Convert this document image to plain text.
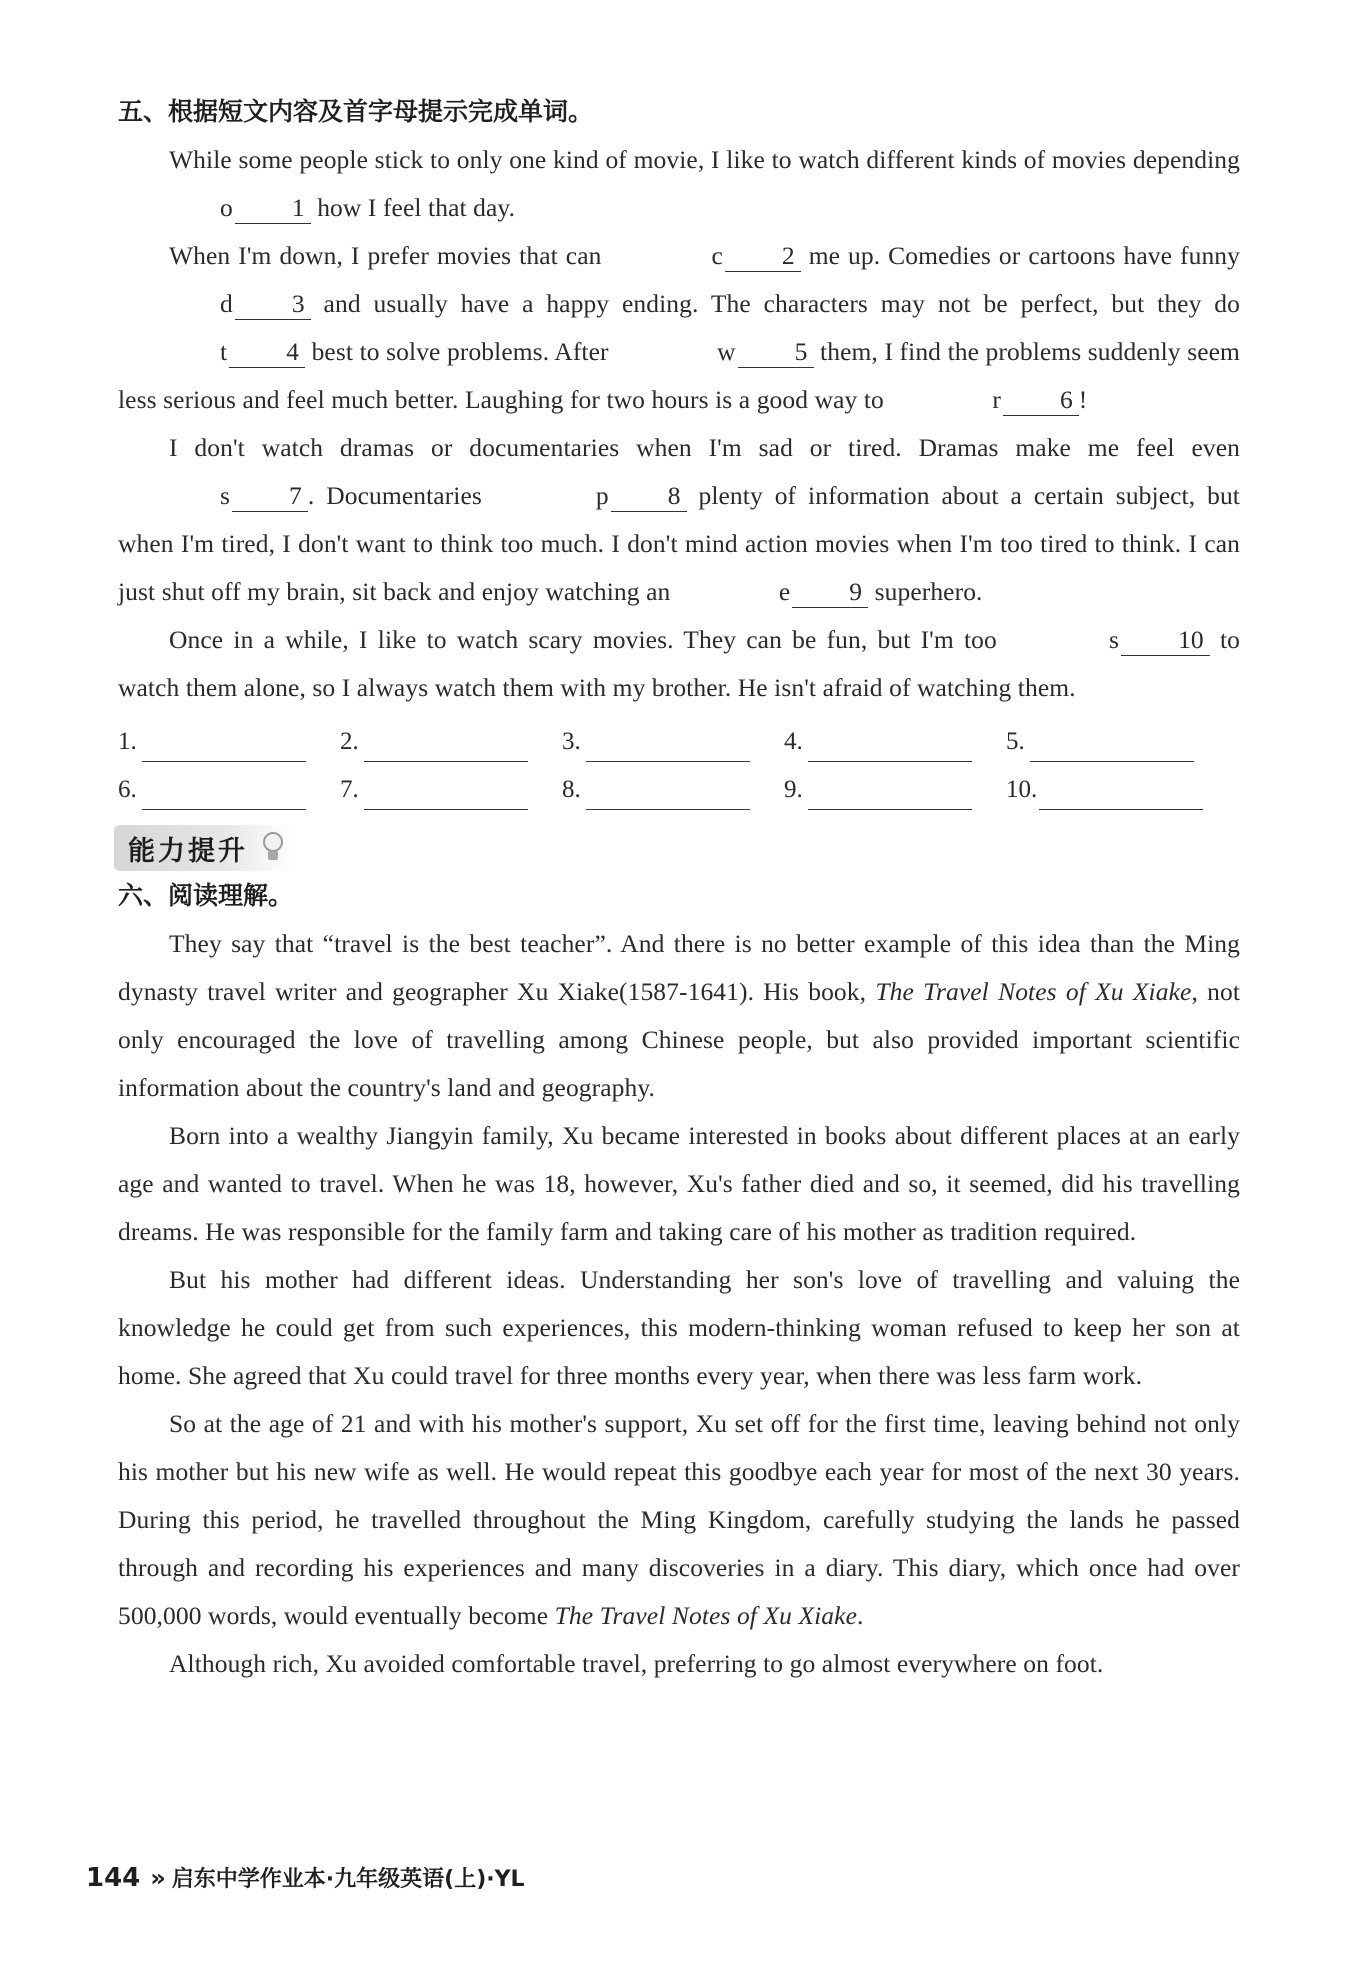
五、根据短文内容及首字母提示完成单词。

While some people stick to only one kind of movie, I like to watch different kinds of movies depending o 1 how I feel that day.

When I'm down, I prefer movies that can	c 2 me up. Comedies or cartoons have funny d 3 and usually have a happy ending. The characters may not be perfect, but they do t 4 best to solve problems. After	w 5 them, I find the problems suddenly seem less serious and feel much better. Laughing for two hours is a good way to	r 6 !

I don't watch dramas or documentaries when I'm sad or tired. Dramas make me feel even s 7 . Documentaries	p 8 plenty of information about a certain subject, but when I'm tired, I don't want to think too much. I don't mind action movies when I'm too tired to think. I can just shut off my brain, sit back and enjoy watching an	e 9 superhero.

Once in a while, I like to watch scary movies. They can be fun, but I'm too	s 10 to watch them alone, so I always watch them with my brother. He isn't afraid of watching them.

1.	2.	3.	4.	5.
6.	7.	8.	9.	10.
能力提升
六、阅读理解。

They say that “travel is the best teacher”. And there is no better example of this idea than the Ming dynasty travel writer and geographer Xu Xiake(1587-1641). His book, The Travel Notes of Xu Xiake, not only encouraged the love of travelling among Chinese people, but also provided important scientific information about the country's land and geography.

Born into a wealthy Jiangyin family, Xu became interested in books about different places at an early age and wanted to travel. When he was 18, however, Xu's father died and so, it seemed, did his travelling dreams. He was responsible for the family farm and taking care of his mother as tradition required.

But his mother had different ideas. Understanding her son's love of travelling and valuing the knowledge he could get from such experiences, this modern-thinking woman refused to keep her son at home. She agreed that Xu could travel for three months every year, when there was less farm work.

So at the age of 21 and with his mother's support, Xu set off for the first time, leaving behind not only his mother but his new wife as well. He would repeat this goodbye each year for most of the next 30 years. During this period, he travelled throughout the Ming Kingdom, carefully studying the lands he passed through and recording his experiences and many discoveries in a diary. This diary, which once had over 500,000 words, would eventually become The Travel Notes of Xu Xiake.

Although rich, Xu avoided comfortable travel, preferring to go almost everywhere on foot.

144 » 启东中学作业本·九年级英语(上)·YL
